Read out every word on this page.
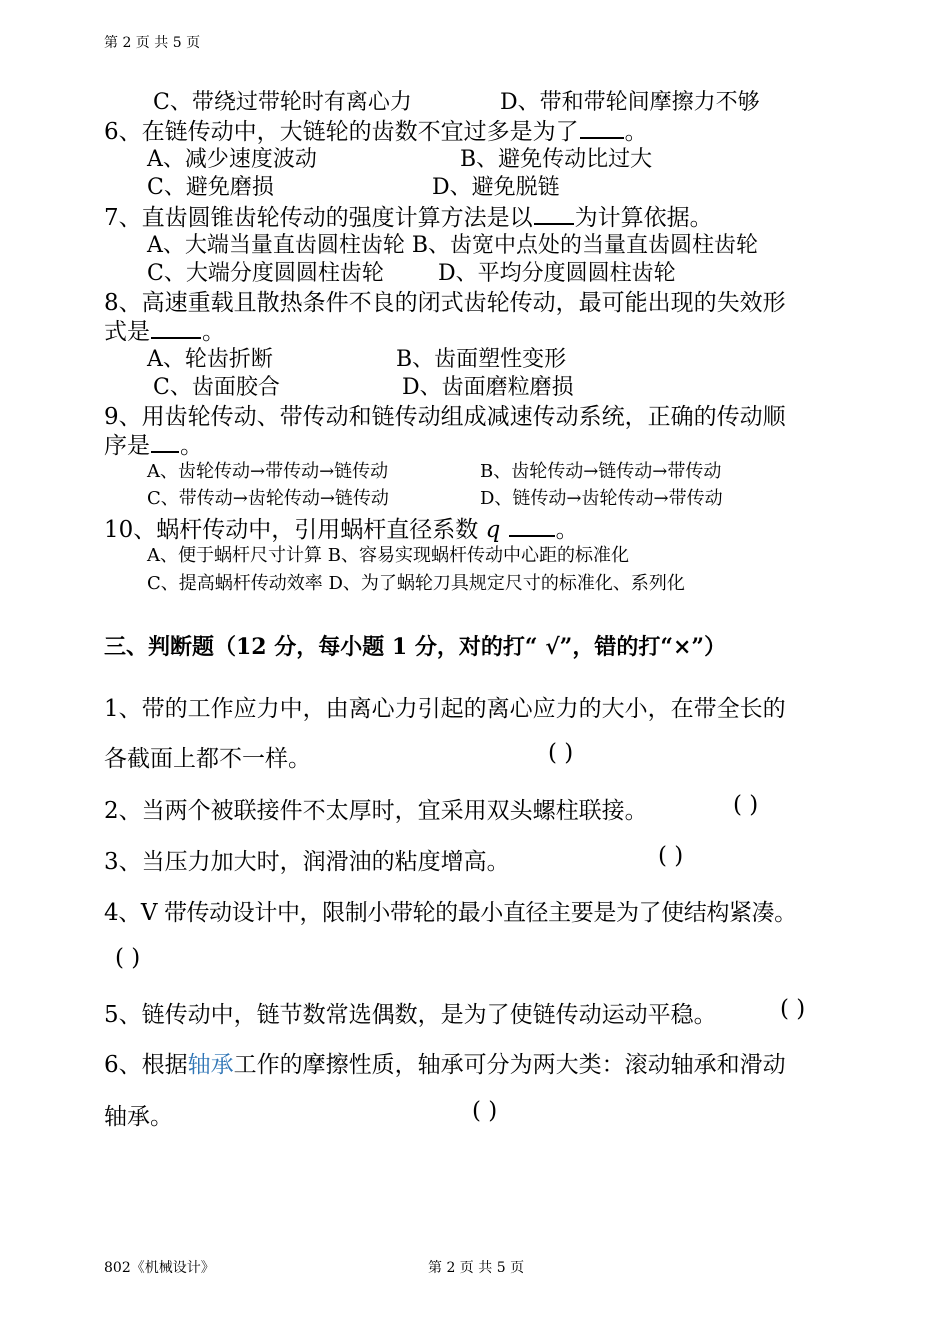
第 2 页 共 5 页
C、带绕过带轮时有离心力	D、带和带轮间摩擦力不够
6、在链传动中，大链轮的齿数不宜过多是为了 。
A、减少速度波动	B、避免传动比过大
C、避免磨损	D、避免脱链
7、直齿圆锥齿轮传动的强度计算方法是以 为计算依据。
A、大端当量直齿圆柱齿轮 B、齿宽中点处的当量直齿圆柱齿轮
C、大端分度圆圆柱齿轮 D、平均分度圆圆柱齿轮
8、高速重载且散热条件不良的闭式齿轮传动，最可能出现的失效形
式是 。
A、轮齿折断	B、齿面塑性变形
C、齿面胶合	D、齿面磨粒磨损
9、用齿轮传动、带传动和链传动组成减速传动系统，正确的传动顺
序是 。
A、齿轮传动→带传动→链传动	B、齿轮传动→链传动→带传动
C、带传动→齿轮传动→链传动	D、链传动→齿轮传动→带传动
10、蜗杆传动中，引用蜗杆直径系数 q 。
A、便于蜗杆尺寸计算 B、容易实现蜗杆传动中心距的标准化
C、提高蜗杆传动效率 D、为了蜗轮刀具规定尺寸的标准化、系列化
三、判断题（12 分，每小题 1 分，对的打“ √”，错的打“×”）
1、带的工作应力中，由离心力引起的离心应力的大小，在带全长的
各截面上都不一样。	( )
2、当两个被联接件不太厚时，宜采用双头螺柱联接。	( )
3、当压力加大时，润滑油的粘度增高。	( )
4、V 带传动设计中，限制小带轮的最小直径主要是为了使结构紧凑。
( )
5、链传动中，链节数常选偶数，是为了使链传动运动平稳。	( )
6、根据轴承工作的摩擦性质，轴承可分为两大类：滚动轴承和滑动
轴承。	( )
802《机械设计》	第 2 页 共 5 页
